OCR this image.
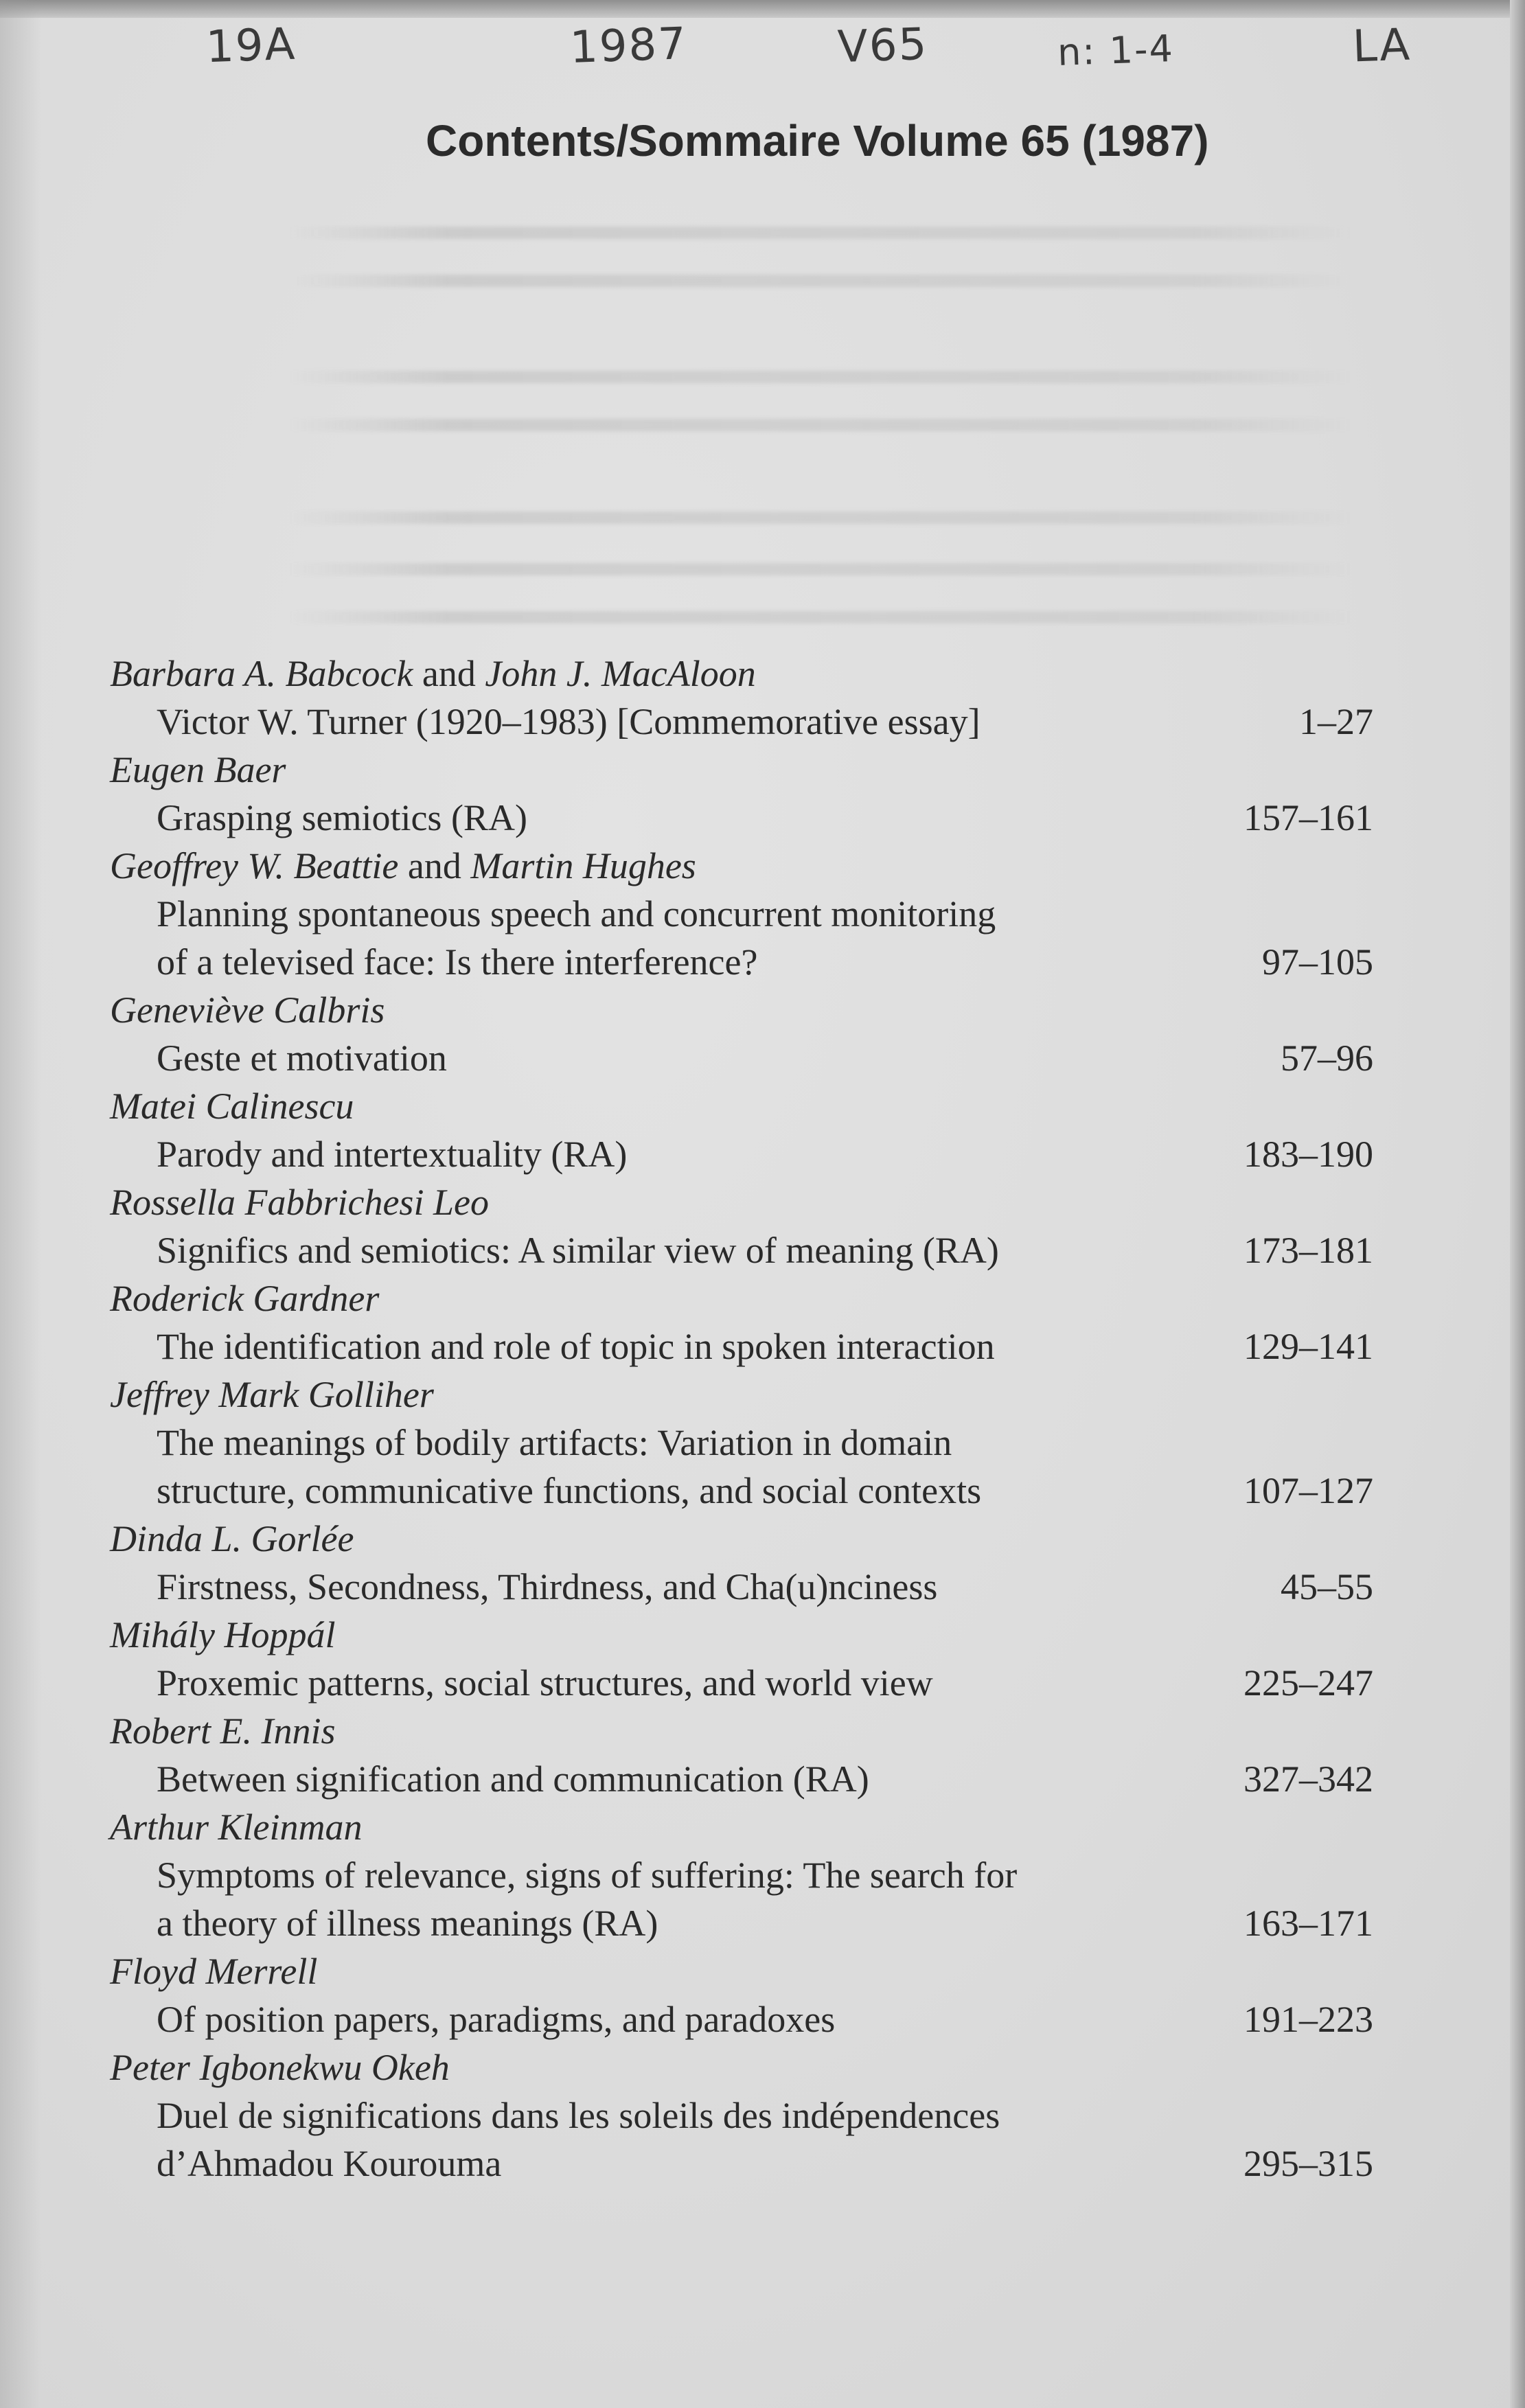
19A	1987	V65	n: 1-4	LA
Contents/Sommaire Volume 65 (1987)
Barbara A. Babcock and John J. MacAloon
Victor W. Turner (1920–1983) [Commemorative essay]	1–27
Eugen Baer
Grasping semiotics (RA)	157–161
Geoffrey W. Beattie and Martin Hughes
Planning spontaneous speech and concurrent monitoring
of a televised face: Is there interference?	97–105
Geneviève Calbris
Geste et motivation	57–96
Matei Calinescu
Parody and intertextuality (RA)	183–190
Rossella Fabbrichesi Leo
Significs and semiotics: A similar view of meaning (RA)	173–181
Roderick Gardner
The identification and role of topic in spoken interaction	129–141
Jeffrey Mark Golliher
The meanings of bodily artifacts: Variation in domain
structure, communicative functions, and social contexts	107–127
Dinda L. Gorlée
Firstness, Secondness, Thirdness, and Cha(u)nciness	45–55
Mihály Hoppál
Proxemic patterns, social structures, and world view	225–247
Robert E. Innis
Between signification and communication (RA)	327–342
Arthur Kleinman
Symptoms of relevance, signs of suffering: The search for
a theory of illness meanings (RA)	163–171
Floyd Merrell
Of position papers, paradigms, and paradoxes	191–223
Peter Igbonekwu Okeh
Duel de significations dans les soleils des indépendences
d’Ahmadou Kourouma	295–315
